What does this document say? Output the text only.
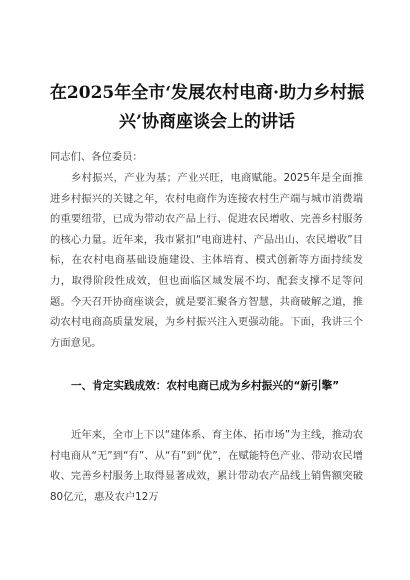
在2025年全市‘发展农村电商·助力乡村振兴’协商座谈会上的讲话

同志们、各位委员：

乡村振兴，产业为基；产业兴旺，电商赋能。2025年是全面推进乡村振兴的关键之年，农村电商作为连接农村生产端与城市消费端的重要纽带，已成为带动农产品上行、促进农民增收、完善乡村服务的核心力量。近年来，我市紧扣“电商进村、产品出山、农民增收”目标，在农村电商基础设施建设、主体培育、模式创新等方面持续发力，取得阶段性成效，但也面临区域发展不均、配套支撑不足等问题。今天召开协商座谈会，就是要汇聚各方智慧，共商破解之道，推动农村电商高质量发展，为乡村振兴注入更强动能。下面，我讲三个方面意见。

一、肯定实践成效：农村电商已成为乡村振兴的“新引擎”

近年来，全市上下以“建体系、育主体、拓市场”为主线，推动农村电商从“无”到“有”、从“有”到“优”，在赋能特色产业、带动农民增收、完善乡村服务上取得显著成效，累计带动农产品线上销售额突破80亿元，惠及农户12万
